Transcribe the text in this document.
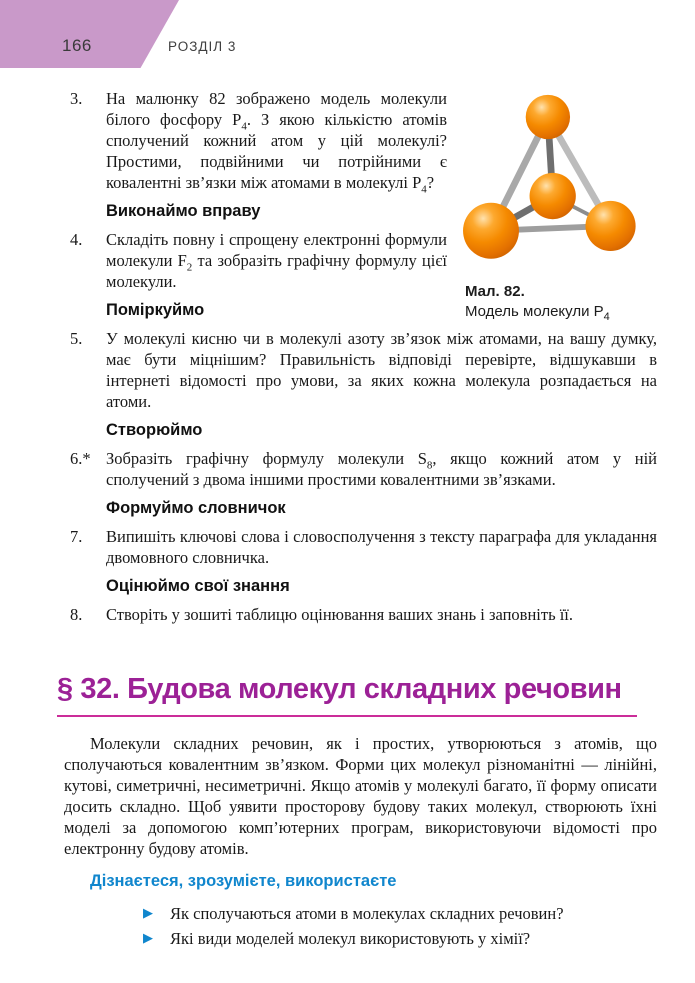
166	РОЗДІЛ 3
Мал. 82.
Модель молекули $P_4$
3. На малюнку 82 зображено модель молекули білого фосфору $P_4$. З якою кількістю атомів сполучений кожний атом у цій молекулі? Простими, подвійними чи потрійними є ковалентні зв’язки між атомами в молекулі $P_4$?
Виконаймо вправу
4. Складіть повну і спрощену електронні формули молекули $F_2$ та зобразіть графічну формулу цієї молекули.
Поміркуймо
5. У молекулі кисню чи в молекулі азоту зв’язок між атомами, на вашу думку, має бути міцнішим? Правильність відповіді перевірте, відшукавши в інтернеті відомості про умови, за яких кожна молекула розпадається на атоми.
Створюймо
6.* Зобразіть графічну формулу молекули $S_8$, якщо кожний атом у ній сполучений з двома іншими простими ковалентними зв’язками.
Формуймо словничок
7. Випишіть ключові слова і словосполучення з тексту параграфа для укладання двомовного словничка.
Оцінюймо свої знання
8. Створіть у зошиті таблицю оцінювання ваших знань і заповніть її.
§ 32. Будова молекул складних речовин

Молекули складних речовин, як і простих, утворюються з атомів, що сполучаються ковалентним зв’язком. Форми цих молекул різноманітні — лінійні, кутові, симетричні, несиметричні. Якщо атомів у молекулі багато, її форму описати досить складно. Щоб уявити просторову будову таких молекул, створюють їхні моделі за допомогою комп’ютерних програм, використовуючи відомості про електронну будову атомів.

Дізнаєтеся, зрозумієте, використаєте
▶ Як сполучаються атоми в молекулах складних речовин?
▶ Які види моделей молекул використовують у хімії?
